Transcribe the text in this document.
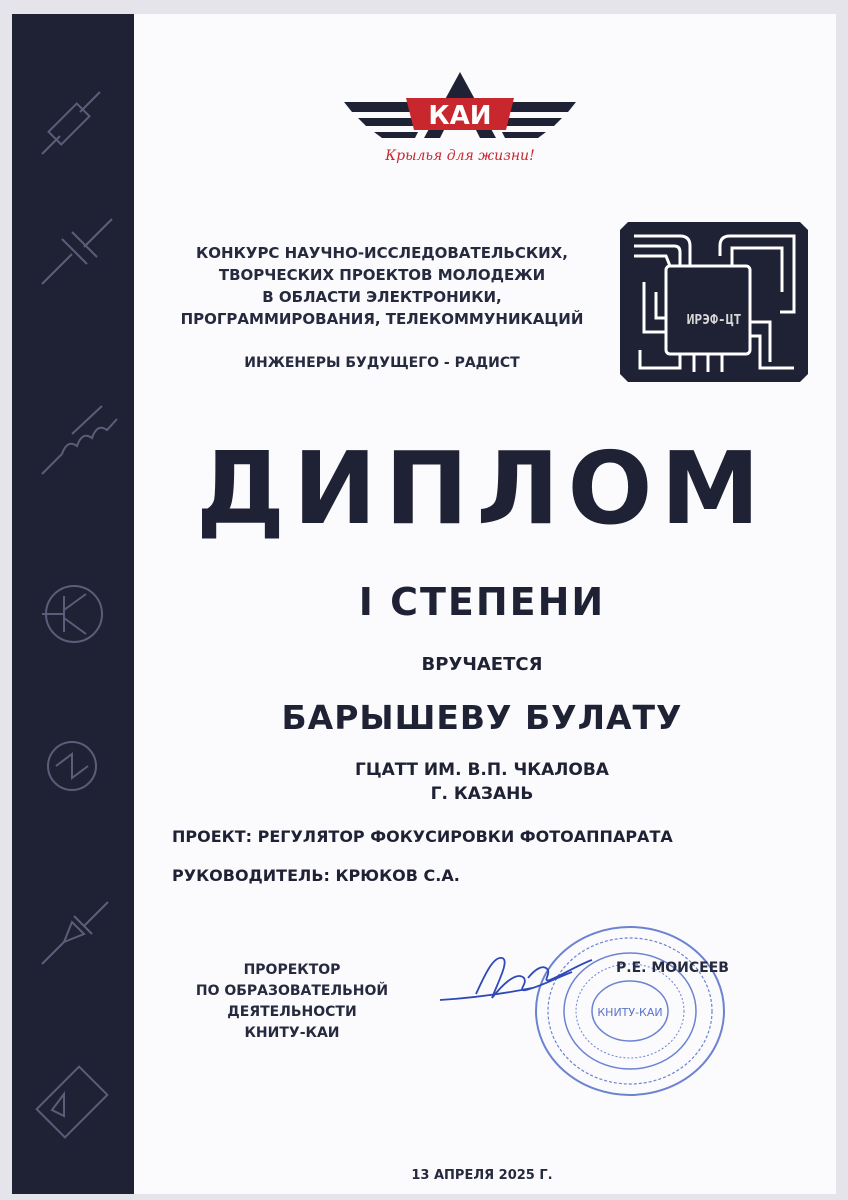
КАИ
Крылья для жизни!
КОНКУРС НАУЧНО-ИССЛЕДОВАТЕЛЬСКИХ,
ТВОРЧЕСКИХ ПРОЕКТОВ МОЛОДЕЖИ
В ОБЛАСТИ ЭЛЕКТРОНИКИ,
ПРОГРАММИРОВАНИЯ, ТЕЛЕКОММУНИКАЦИЙ
ИНЖЕНЕРЫ БУДУЩЕГО - РАДИСТ
ИРЭФ-ЦТ
ДИПЛОМ
I СТЕПЕНИ
ВРУЧАЕТСЯ
БАРЫШЕВУ БУЛАТУ
ГЦАТТ ИМ. В.П. ЧКАЛОВА
Г. КАЗАНЬ
ПРОЕКТ: РЕГУЛЯТОР ФОКУСИРОВКИ ФОТОАППАРАТА
РУКОВОДИТЕЛЬ: КРЮКОВ С.А.
ПРОРЕКТОР
ПО ОБРАЗОВАТЕЛЬНОЙ
ДЕЯТЕЛЬНОСТИ
КНИТУ-КАИ
КНИТУ-КАИ
Р.Е. МОИСЕЕВ
13 АПРЕЛЯ 2025 Г.
